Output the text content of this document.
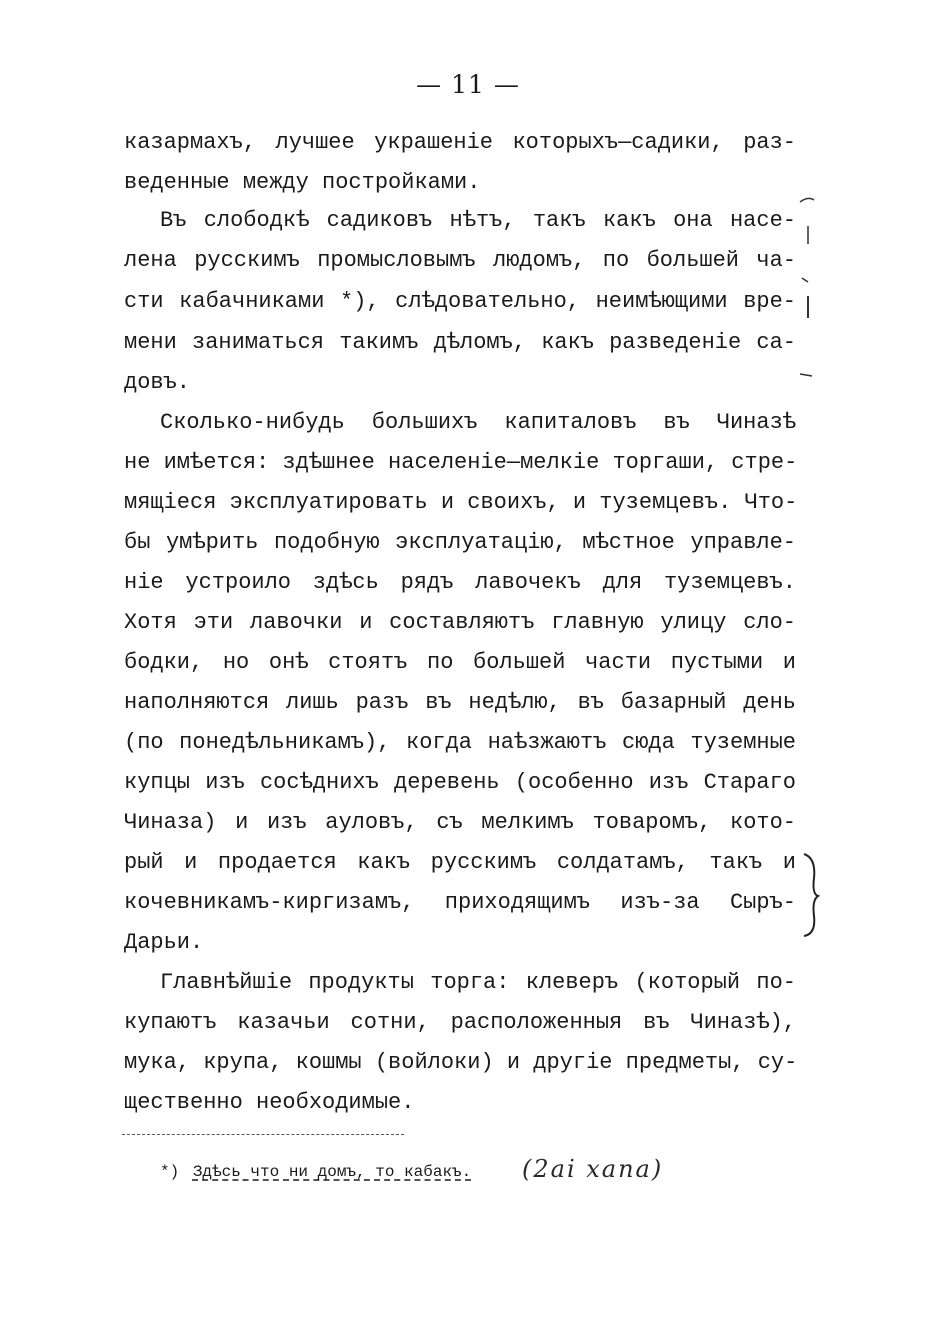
— 11 —
казармахъ, лучшее украшеніе которыхъ—садики, раз-
веденные между постройками.
Въ слободкѣ садиковъ нѣтъ, такъ какъ она насе-
лена русскимъ промысловымъ людомъ, по большей ча-
сти кабачниками *), слѣдовательно, неимѣющими вре-
мени заниматься такимъ дѣломъ, какъ разведеніе са-
довъ.
Сколько-нибудь большихъ капиталовъ въ Чиназѣ
не имѣется: здѣшнее населеніе—мелкіе торгаши, стре-
мящіеся эксплуатировать и своихъ, и туземцевъ. Что-
бы умѣрить подобную эксплуатацію, мѣстное управле-
ніе устроило здѣсь рядъ лавочекъ для туземцевъ.
Хотя эти лавочки и составляютъ главную улицу сло-
бодки, но онѣ стоятъ по большей части пустыми и
наполняются лишь разъ въ недѣлю, въ базарный день
(по понедѣльникамъ), когда наѣзжаютъ сюда туземные
купцы изъ сосѣднихъ деревень (особенно изъ Стараго
Чиназа) и изъ ауловъ, съ мелкимъ товаромъ, кото-
рый и продается какъ русскимъ солдатамъ, такъ и
кочевникамъ-киргизамъ, приходящимъ изъ-за Сыръ-
Дарьи.
Главнѣйшіе продукты торга: клеверъ (который по-
купаютъ казачьи сотни, расположенныя въ Чиназѣ),
мука, крупа, кошмы (войлоки) и другіе предметы, су-
щественно необходимые.
*) Здѣсь что ни домъ, то кабакъ. (2ai xana)
